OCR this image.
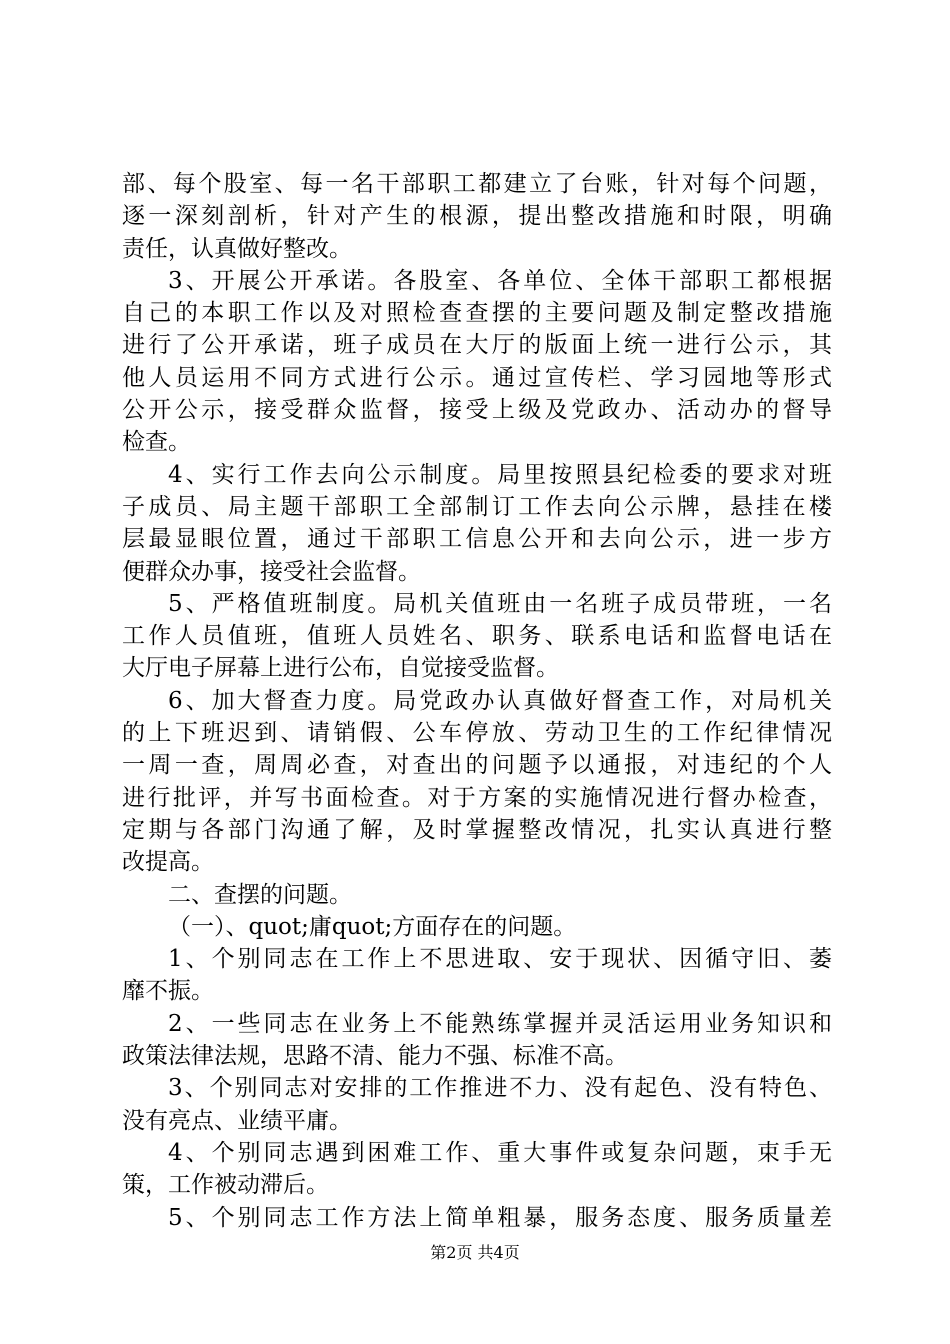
部、每个股室、每一名干部职工都建立了台账，针对每个问题，
逐一深刻剖析，针对产生的根源，提出整改措施和时限，明确
责任，认真做好整改。
3、开展公开承诺。各股室、各单位、全体干部职工都根据
自己的本职工作以及对照检查查摆的主要问题及制定整改措施
进行了公开承诺，班子成员在大厅的版面上统一进行公示，其
他人员运用不同方式进行公示。通过宣传栏、学习园地等形式
公开公示，接受群众监督，接受上级及党政办、活动办的督导
检查。
4、实行工作去向公示制度。局里按照县纪检委的要求对班
子成员、局主题干部职工全部制订工作去向公示牌，悬挂在楼
层最显眼位置，通过干部职工信息公开和去向公示，进一步方
便群众办事，接受社会监督。
5、严格值班制度。局机关值班由一名班子成员带班，一名
工作人员值班，值班人员姓名、职务、联系电话和监督电话在
大厅电子屏幕上进行公布，自觉接受监督。
6、加大督查力度。局党政办认真做好督查工作，对局机关
的上下班迟到、请销假、公车停放、劳动卫生的工作纪律情况
一周一查，周周必查，对查出的问题予以通报，对违纪的个人
进行批评，并写书面检查。对于方案的实施情况进行督办检查，
定期与各部门沟通了解，及时掌握整改情况，扎实认真进行整
改提高。
二、查摆的问题。
（一）、quot;庸quot;方面存在的问题。
1、个别同志在工作上不思进取、安于现状、因循守旧、萎
靡不振。
2、一些同志在业务上不能熟练掌握并灵活运用业务知识和
政策法律法规，思路不清、能力不强、标准不高。
3、个别同志对安排的工作推进不力、没有起色、没有特色、
没有亮点、业绩平庸。
4、个别同志遇到困难工作、重大事件或复杂问题，束手无
策，工作被动滞后。
5、个别同志工作方法上简单粗暴，服务态度、服务质量差
第2页 共4页
